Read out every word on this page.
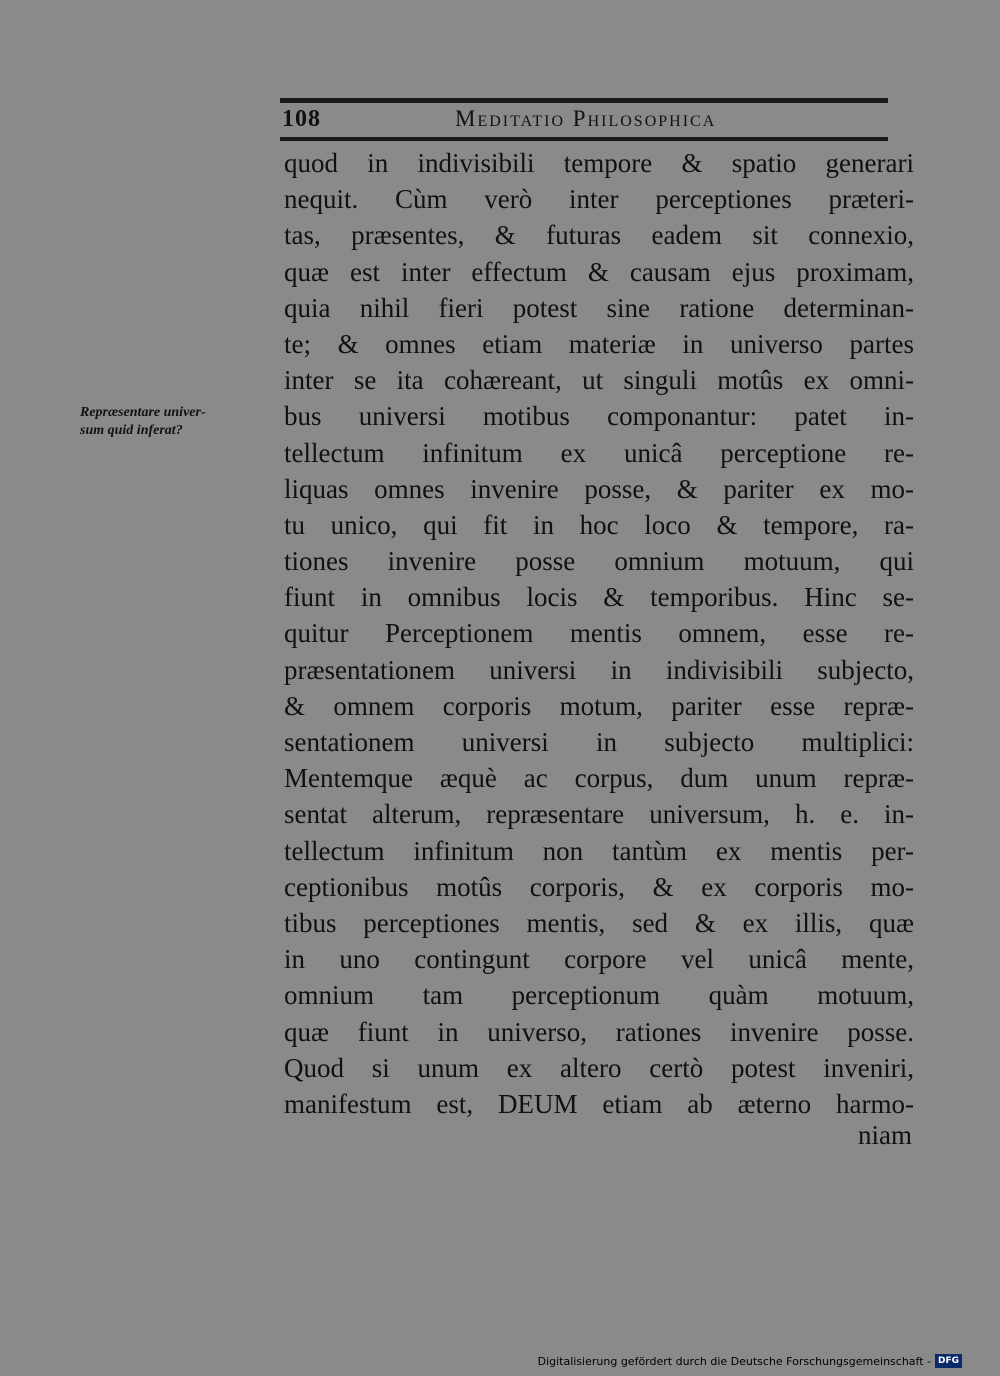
108	Meditatio Philosophica
Repræsentare univer-
sum quid inferat?
quod in indivisibili tempore & spatio generari
nequit. Cùm verò inter perceptiones præteri-
tas, præsentes, & futuras eadem sit connexio,
quæ est inter effectum & causam ejus proximam,
quia nihil fieri potest sine ratione determinan-
te; & omnes etiam materiæ in universo partes
inter se ita cohæreant, ut singuli motûs ex omni-
bus universi motibus componantur: patet in-
tellectum infinitum ex unicâ perceptione re-
liquas omnes invenire posse, & pariter ex mo-
tu unico, qui fit in hoc loco & tempore, ra-
tiones invenire posse omnium motuum, qui
fiunt in omnibus locis & temporibus. Hinc se-
quitur Perceptionem mentis omnem, esse re-
præsentationem universi in indivisibili subjecto,
& omnem corporis motum, pariter esse repræ-
sentationem universi in subjecto multiplici:
Mentemque æquè ac corpus, dum unum repræ-
sentat alterum, repræsentare universum, h. e. in-
tellectum infinitum non tantùm ex mentis per-
ceptionibus motûs corporis, & ex corporis mo-
tibus perceptiones mentis, sed & ex illis, quæ
in uno contingunt corpore vel unicâ mente,
omnium tam perceptionum quàm motuum,
quæ fiunt in universo, rationes invenire posse.
Quod si unum ex altero certò potest inveniri,
manifestum est, DEUM etiam ab æterno harmo-
niam
Digitalisierung gefördert durch die Deutsche Forschungsgemeinschaft - DFG
